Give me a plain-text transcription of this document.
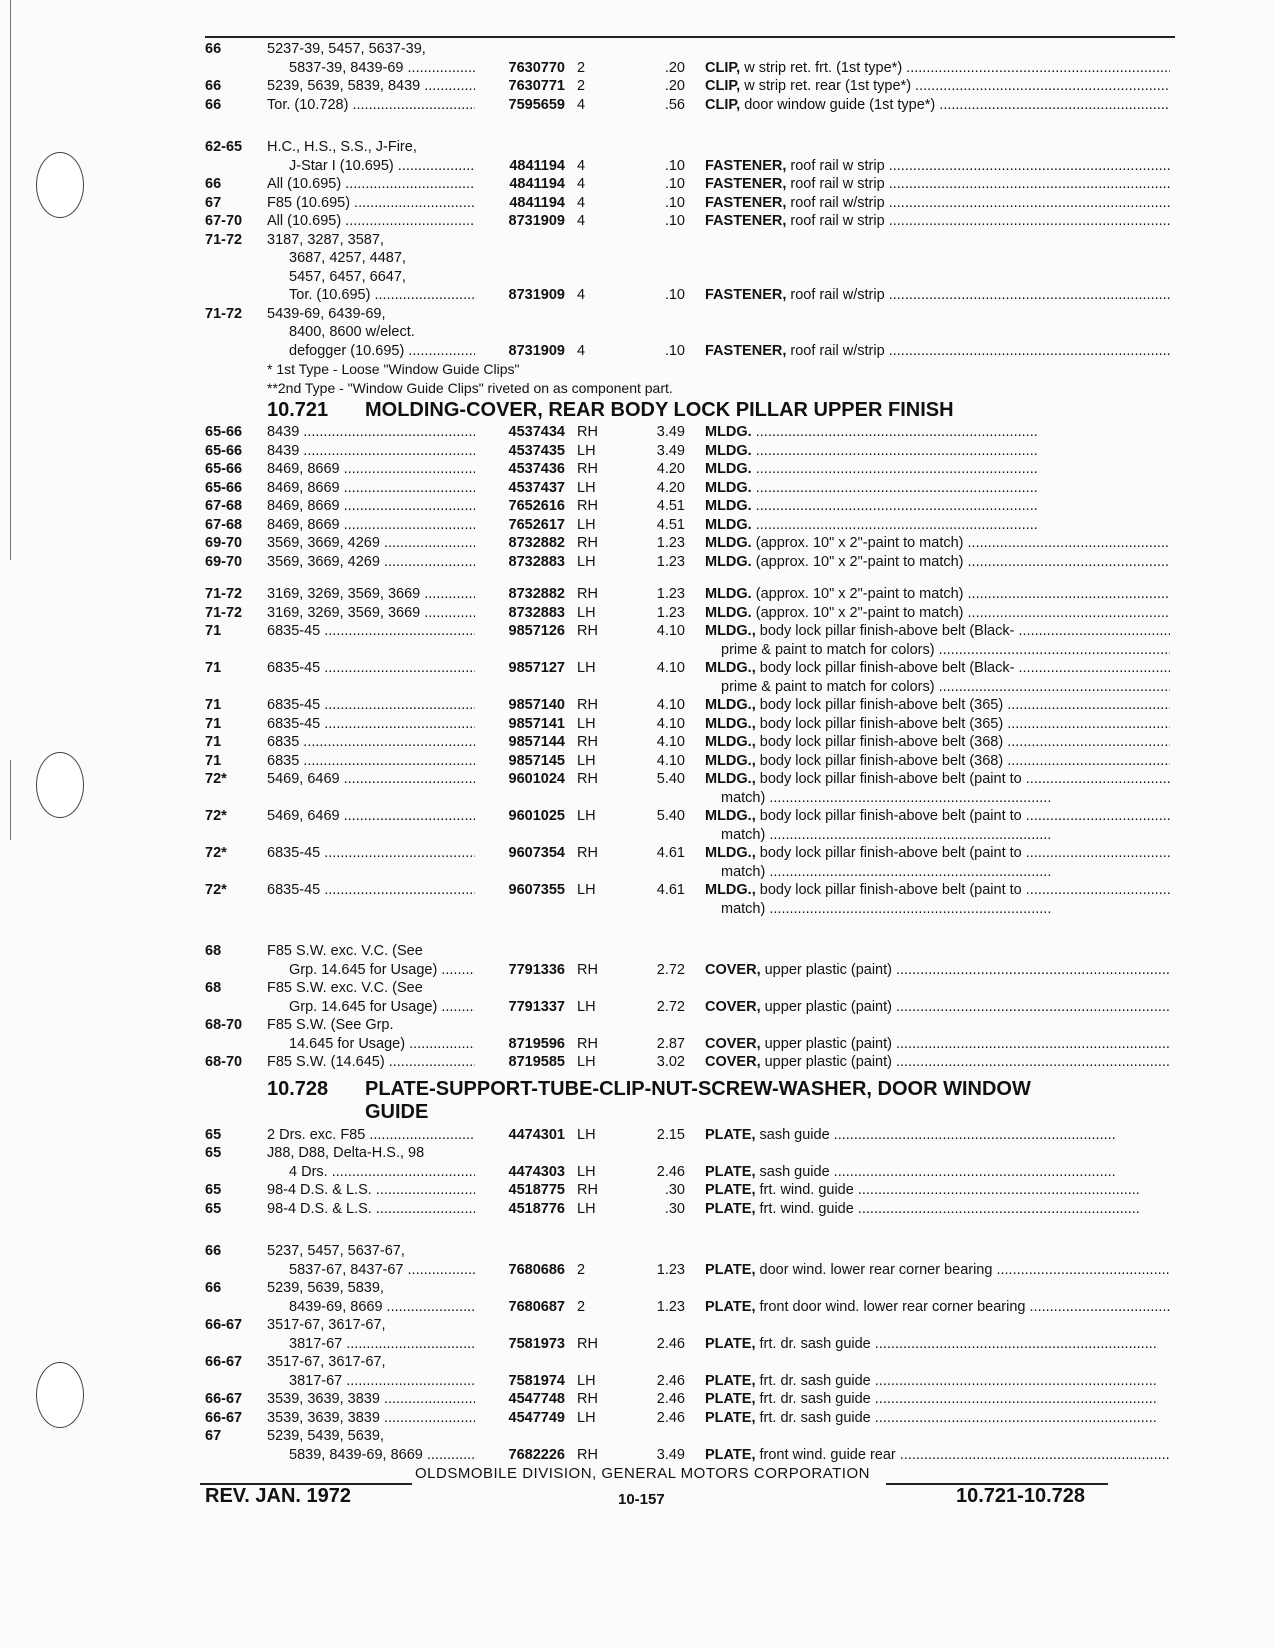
66	5237-39, 5457, 5637-39,
5837-39, 8439-69 .....	7630770 2	.20 CLIP, w strip ret. frt. (1st type*) .....
66	5239, 5639, 5839, 8439 .....	7630771 2	.20 CLIP, w strip ret. rear (1st type*) .....
66	Tor. (10.728) .....	7595659 4	.56 CLIP, door window guide (1st type*) .....
62-65	H.C., H.S., S.S., J-Fire,
J-Star I (10.695) .....	4841194 4	.10 FASTENER, roof rail w strip .....
66	All (10.695) .....	4841194 4	.10 FASTENER, roof rail w strip .....
67	F85 (10.695) .....	4841194 4	.10 FASTENER, roof rail w/strip .....
67-70	All (10.695) .....	8731909 4	.10 FASTENER, roof rail w strip .....
71-72	3187, 3287, 3587,
3687, 4257, 4487,
5457, 6457, 6647,
Tor. (10.695) .....	8731909 4	.10 FASTENER, roof rail w/strip .....
71-72	5439-69, 6439-69,
8400, 8600 w/elect.
defogger (10.695) .....	8731909 4	.10 FASTENER, roof rail w/strip .....
* 1st Type - Loose "Window Guide Clips"
**2nd Type - "Window Guide Clips" riveted on as component part.
10.721 MOLDING-COVER, REAR BODY LOCK PILLAR UPPER FINISH
65-66	8439 .....	4537434 RH	3.49 MLDG. .....
65-66	8439 .....	4537435 LH	3.49 MLDG. .....
65-66	8469, 8669 .....	4537436 RH	4.20 MLDG. .....
65-66	8469, 8669 .....	4537437 LH	4.20 MLDG. .....
67-68	8469, 8669 .....	7652616 RH	4.51 MLDG. .....
67-68	8469, 8669 .....	7652617 LH	4.51 MLDG. .....
69-70	3569, 3669, 4269 .....	8732882 RH	1.23 MLDG. (approx. 10" x 2"-paint to match) .....
69-70	3569, 3669, 4269 .....	8732883 LH	1.23 MLDG. (approx. 10" x 2"-paint to match) .....
71-72	3169, 3269, 3569, 3669 .....	8732882 RH	1.23 MLDG. (approx. 10" x 2"-paint to match) .....
71-72	3169, 3269, 3569, 3669 .....	8732883 LH	1.23 MLDG. (approx. 10" x 2"-paint to match) .....
71	6835-45 .....	9857126 RH	4.10 MLDG., body lock pillar finish-above belt (Black- .....
prime & paint to match for colors) .....
71	6835-45 .....	9857127 LH	4.10 MLDG., body lock pillar finish-above belt (Black- .....
prime & paint to match for colors) .....
71	6835-45 .....	9857140 RH	4.10 MLDG., body lock pillar finish-above belt (365) .....
71	6835-45 .....	9857141 LH	4.10 MLDG., body lock pillar finish-above belt (365) .....
71	6835 .....	9857144 RH	4.10 MLDG., body lock pillar finish-above belt (368) .....
71	6835 .....	9857145 LH	4.10 MLDG., body lock pillar finish-above belt (368) .....
72*	5469, 6469 .....	9601024 RH	5.40 MLDG., body lock pillar finish-above belt (paint to .....
match) .....
72*	5469, 6469 .....	9601025 LH	5.40 MLDG., body lock pillar finish-above belt (paint to .....
match) .....
72*	6835-45 .....	9607354 RH	4.61 MLDG., body lock pillar finish-above belt (paint to .....
match) .....
72*	6835-45 .....	9607355 LH	4.61 MLDG., body lock pillar finish-above belt (paint to .....
match) .....
68	F85 S.W. exc. V.C. (See
Grp. 14.645 for Usage) .....	7791336 RH	2.72 COVER, upper plastic (paint) .....
68	F85 S.W. exc. V.C. (See
Grp. 14.645 for Usage) .....	7791337 LH	2.72 COVER, upper plastic (paint) .....
68-70	F85 S.W. (See Grp.
14.645 for Usage) .....	8719596 RH	2.87 COVER, upper plastic (paint) .....
68-70	F85 S.W. (14.645) .....	8719585 LH	3.02 COVER, upper plastic (paint) .....
10.728 PLATE-SUPPORT-TUBE-CLIP-NUT-SCREW-WASHER, DOOR WINDOW
GUIDE
65	2 Drs. exc. F85 .....	4474301 LH	2.15 PLATE, sash guide .....
65	J88, D88, Delta-H.S., 98
4 Drs. .....	4474303 LH	2.46 PLATE, sash guide .....
65	98-4 D.S. & L.S. .....	4518775 RH	.30 PLATE, frt. wind. guide .....
65	98-4 D.S. & L.S. .....	4518776 LH	.30 PLATE, frt. wind. guide .....
66	5237, 5457, 5637-67,
5837-67, 8437-67 .....	7680686 2	1.23 PLATE, door wind. lower rear corner bearing .....
66	5239, 5639, 5839,
8439-69, 8669 .....	7680687 2	1.23 PLATE, front door wind. lower rear corner bearing .....
66-67	3517-67, 3617-67,
3817-67 .....	7581973 RH	2.46 PLATE, frt. dr. sash guide .....
66-67	3517-67, 3617-67,
3817-67 .....	7581974 LH	2.46 PLATE, frt. dr. sash guide .....
66-67	3539, 3639, 3839 .....	4547748 RH	2.46 PLATE, frt. dr. sash guide .....
66-67	3539, 3639, 3839 .....	4547749 LH	2.46 PLATE, frt. dr. sash guide .....
67	5239, 5439, 5639,
5839, 8439-69, 8669 .....	7682226 RH	3.49 PLATE, front wind. guide rear .....
OLDSMOBILE DIVISION, GENERAL MOTORS CORPORATION
REV. JAN. 1972	10-157	10.721-10.728
